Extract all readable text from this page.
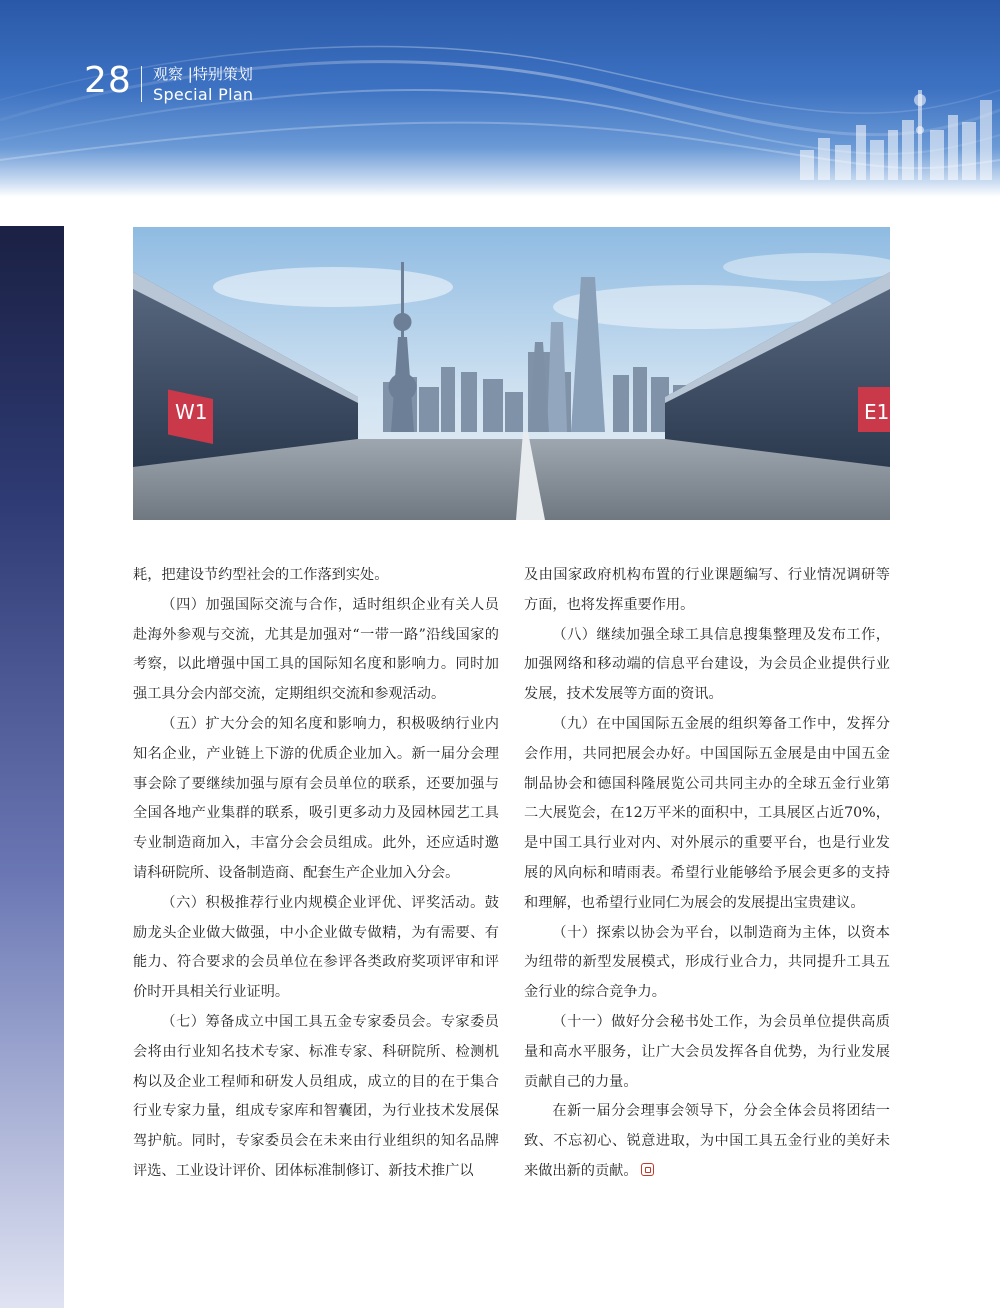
28 观察 |特别策划
Special Plan
W1	E1

耗，把建设节约型社会的工作落到实处。

（四）加强国际交流与合作，适时组织企业有关人员赴海外参观与交流，尤其是加强对“一带一路”沿线国家的考察，以此增强中国工具的国际知名度和影响力。同时加强工具分会内部交流，定期组织交流和参观活动。

（五）扩大分会的知名度和影响力，积极吸纳行业内知名企业，产业链上下游的优质企业加入。新一届分会理事会除了要继续加强与原有会员单位的联系，还要加强与全国各地产业集群的联系，吸引更多动力及园林园艺工具专业制造商加入，丰富分会会员组成。此外，还应适时邀请科研院所、设备制造商、配套生产企业加入分会。

（六）积极推荐行业内规模企业评优、评奖活动。鼓励龙头企业做大做强，中小企业做专做精，为有需要、有能力、符合要求的会员单位在参评各类政府奖项评审和评价时开具相关行业证明。

（七）筹备成立中国工具五金专家委员会。专家委员会将由行业知名技术专家、标准专家、科研院所、检测机构以及企业工程师和研发人员组成，成立的目的在于集合行业专家力量，组成专家库和智囊团，为行业技术发展保驾护航。同时，专家委员会在未来由行业组织的知名品牌评选、工业设计评价、团体标准制修订、新技术推广以

及由国家政府机构布置的行业课题编写、行业情况调研等方面，也将发挥重要作用。

（八）继续加强全球工具信息搜集整理及发布工作，加强网络和移动端的信息平台建设，为会员企业提供行业发展，技术发展等方面的资讯。

（九）在中国国际五金展的组织筹备工作中，发挥分会作用，共同把展会办好。中国国际五金展是由中国五金制品协会和德国科隆展览公司共同主办的全球五金行业第二大展览会，在12万平米的面积中，工具展区占近70%，是中国工具行业对内、对外展示的重要平台，也是行业发展的风向标和晴雨表。希望行业能够给予展会更多的支持和理解，也希望行业同仁为展会的发展提出宝贵建议。

（十）探索以协会为平台，以制造商为主体，以资本为纽带的新型发展模式，形成行业合力，共同提升工具五金行业的综合竞争力。

（十一）做好分会秘书处工作，为会员单位提供高质量和高水平服务，让广大会员发挥各自优势，为行业发展贡献自己的力量。

在新一届分会理事会领导下，分会全体会员将团结一致、不忘初心、锐意进取，为中国工具五金行业的美好未来做出新的贡献。
